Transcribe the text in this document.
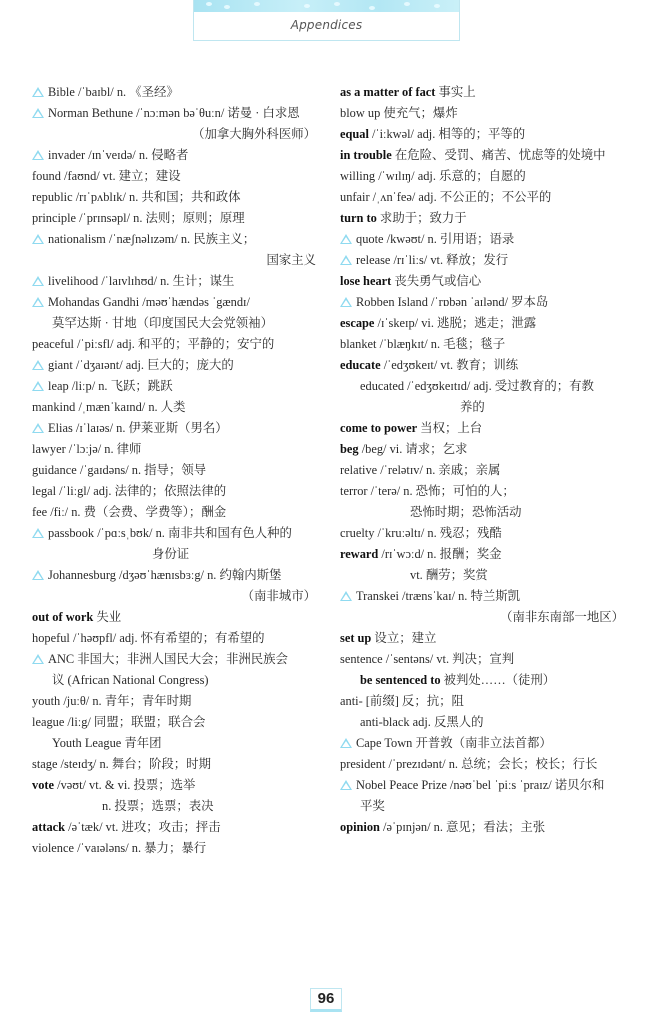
Appendices
Bible /ˈbaɪbl/ n. 《圣经》
Norman Bethune /ˈnɔːmən bəˈθuːn/ 诺曼 · 白求恩
（加拿大胸外科医师）
invader /ɪnˈveɪdə/ n. 侵略者
found /faʊnd/ vt. 建立；建设
republic /rɪˈpʌblɪk/ n. 共和国；共和政体
principle /ˈprɪnsəpl/ n. 法则；原则；原理
nationalism /ˈnæʃnəlɪzəm/ n. 民族主义；
国家主义
livelihood /ˈlaɪvlɪhʊd/ n. 生计；谋生
Mohandas Gandhi /məʊˈhændəs ˈgændɪ/
莫罕达斯 · 甘地（印度国民大会党领袖）
peaceful /ˈpiːsfl/ adj. 和平的；平静的；安宁的
giant /ˈdʒaɪənt/ adj. 巨大的；庞大的
leap /liːp/ n. 飞跃；跳跃
mankind /ˌmænˈkaɪnd/ n. 人类
Elias /ɪˈlaɪəs/ n. 伊莱亚斯（男名）
lawyer /ˈlɔːjə/ n. 律师
guidance /ˈgaɪdəns/ n. 指导；领导
legal /ˈliːgl/ adj. 法律的；依照法律的
fee /fiː/ n. 费（会费、学费等）；酬金
passbook /ˈpɑːsˌbʊk/ n. 南非共和国有色人种的
身份证
Johannesburg /dʒəʊˈhænɪsbɜːg/ n. 约翰内斯堡
（南非城市）
out of work 失业
hopeful /ˈhəʊpfl/ adj. 怀有希望的；有希望的
ANC 非国大；非洲人国民大会；非洲民族会
议 (African National Congress)
youth /juːθ/ n. 青年；青年时期
league /liːg/ 同盟；联盟；联合会
Youth League 青年团
stage /steɪdʒ/ n. 舞台；阶段；时期
vote /vəʊt/ vt. & vi. 投票；选举
n. 投票；选票；表决
attack /əˈtæk/ vt. 进攻；攻击；抨击
violence /ˈvaɪələns/ n. 暴力；暴行
as a matter of fact 事实上
blow up 使充气；爆炸
equal /ˈiːkwəl/ adj. 相等的；平等的
in trouble 在危险、受罚、痛苦、忧虑等的处境中
willing /ˈwɪlɪŋ/ adj. 乐意的；自愿的
unfair /ˌʌnˈfeə/ adj. 不公正的；不公平的
turn to 求助于；致力于
quote /kwəʊt/ n. 引用语；语录
release /rɪˈliːs/ vt. 释放；发行
lose heart 丧失勇气或信心
Robben Island /ˈrɒbən ˈaɪlənd/ 罗本岛
escape /ɪˈskeɪp/ vi. 逃脱；逃走；泄露
blanket /ˈblæŋkɪt/ n. 毛毯；毯子
educate /ˈedʒʊkeɪt/ vt. 教育；训练
educated /ˈedʒʊkeɪtɪd/ adj. 受过教育的；有教
养的
come to power 当权；上台
beg /beg/ vi. 请求；乞求
relative /ˈrelətɪv/ n. 亲戚；亲属
terror /ˈterə/ n. 恐怖；可怕的人；
恐怖时期；恐怖活动
cruelty /ˈkruːəltɪ/ n. 残忍；残酷
reward /rɪˈwɔːd/ n. 报酬；奖金
vt. 酬劳；奖赏
Transkei /trænsˈkaɪ/ n. 特兰斯凯
（南非东南部一地区）
set up 设立；建立
sentence /ˈsentəns/ vt. 判决；宣判
be sentenced to 被判处……（徒刑）
anti- [前缀] 反；抗；阻
anti-black adj. 反黑人的
Cape Town 开普敦（南非立法首都）
president /ˈprezɪdənt/ n. 总统；会长；校长；行长
Nobel Peace Prize /nəʊˈbel ˈpiːs ˈpraɪz/ 诺贝尔和
平奖
opinion /əˈpɪnjən/ n. 意见；看法；主张
96
